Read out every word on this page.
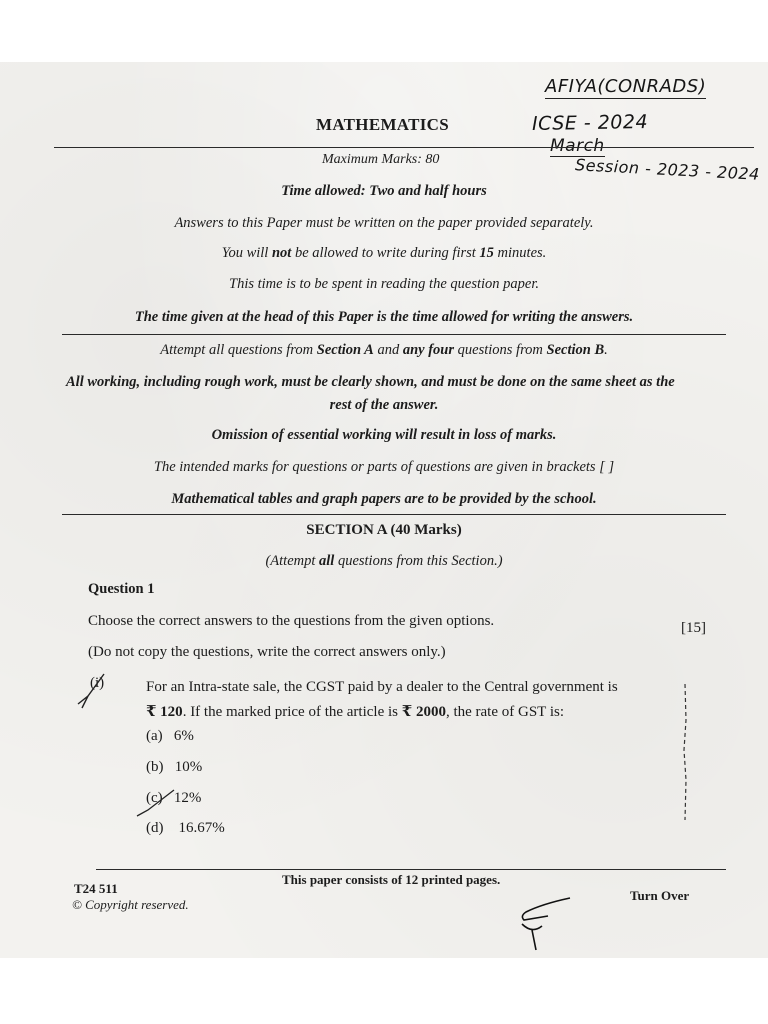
AFIYA(CONRADS)
ICSE - 2024
March
Session - 2023 - 2024
MATHEMATICS
Maximum Marks: 80
Time allowed: Two and half hours
Answers to this Paper must be written on the paper provided separately.
You will not be allowed to write during first 15 minutes.
This time is to be spent in reading the question paper.
The time given at the head of this Paper is the time allowed for writing the answers.
Attempt all questions from Section A and any four questions from Section B.
All working, including rough work, must be clearly shown, and must be done on the same sheet as the
rest of the answer.
Omission of essential working will result in loss of marks.
The intended marks for questions or parts of questions are given in brackets [ ]
Mathematical tables and graph papers are to be provided by the school.
SECTION A (40 Marks)
(Attempt all questions from this Section.)
Question 1
Choose the correct answers to the questions from the given options.	[15]
(Do not copy the questions, write the correct answers only.)
(i)	For an Intra-state sale, the CGST paid by a dealer to the Central government is
₹ 120. If the marked price of the article is ₹ 2000, the rate of GST is:
(a) 6%
(b) 10%
(c) 12%
(d) 16.67%
This paper consists of 12 printed pages.
T24 511
© Copyright reserved.
Turn Over
